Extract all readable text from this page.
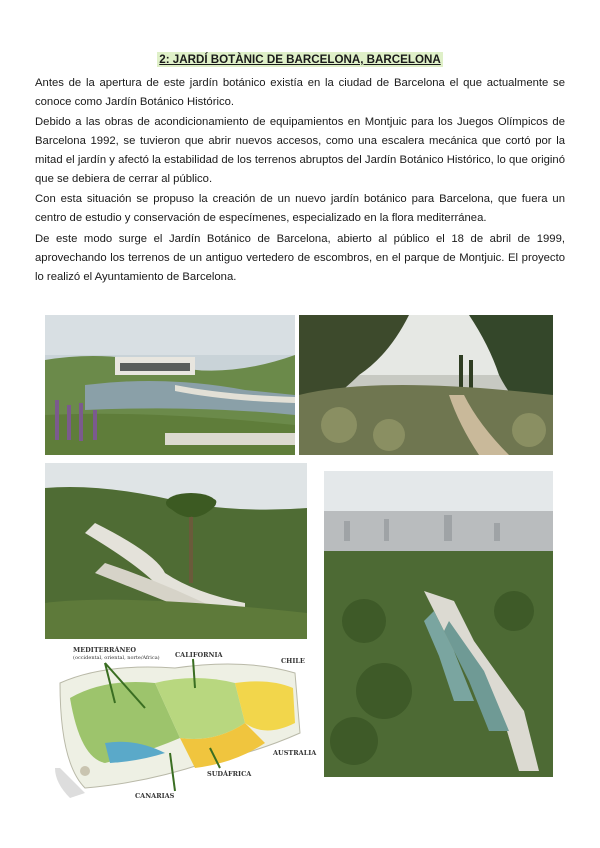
2: JARDÍ BOTÀNIC DE BARCELONA, BARCELONA

Antes de la apertura de este jardín botánico existía en la ciudad de Barcelona el que actualmente se conoce como Jardín Botánico Histórico.

Debido a las obras de acondicionamiento de equipamientos en Montjuic para los Juegos Olímpicos de Barcelona 1992, se tuvieron que abrir nuevos accesos, como una escalera mecánica que cortó por la mitad el jardín y afectó la estabilidad de los terrenos abruptos del Jardín Botánico Histórico, lo que originó que se debiera de cerrar al público.

Con esta situación se propuso la creación de un nuevo jardín botánico para Barcelona, que fuera un centro de estudio y conservación de especímenes, especializado en la flora mediterránea.

De este modo surge el Jardín Botánico de Barcelona, abierto al público el 18 de abril de 1999, aprovechando los terrenos de un antiguo vertedero de escombros, en el parque de Montjuic. El proyecto lo realizó el Ayuntamiento de Barcelona.

MEDITERRÁNEO
(occidental, oriental, norte/Africa) CALIFORNIA
CHILE
AUSTRALIA
SUDÁFRICA
CANARIAS
